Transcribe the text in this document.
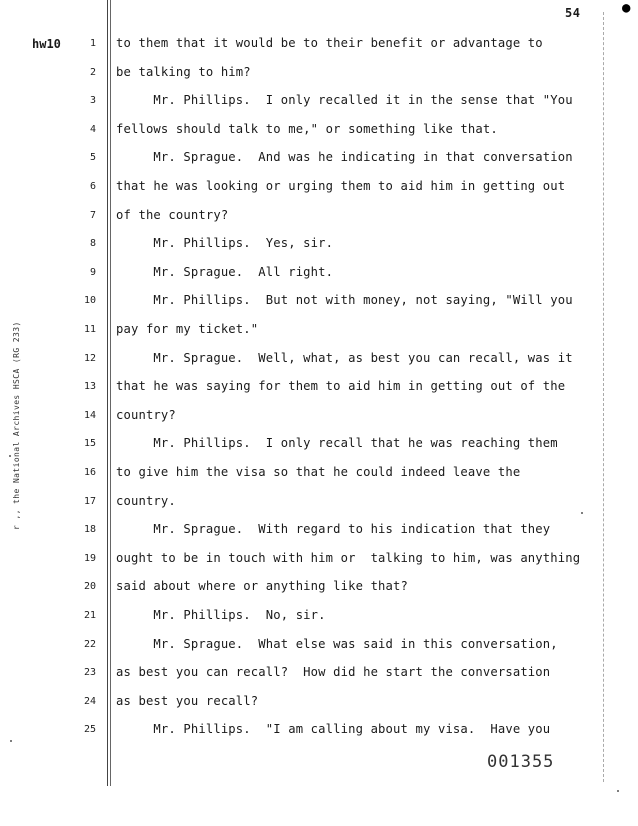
●
54
hw10
r ,, the National Archives HSCA (RG 233)
1 to them that it would be to their benefit or advantage to
2 be talking to him?
3 Mr. Phillips.  I only recalled it in the sense that "You
4 fellows should talk to me," or something like that.
5 Mr. Sprague.  And was he indicating in that conversation
6 that he was looking or urging them to aid him in getting out
7 of the country?
8 Mr. Phillips.  Yes, sir.
9 Mr. Sprague.  All right.
10 Mr. Phillips.  But not with money, not saying, "Will you
11 pay for my ticket."
12 Mr. Sprague.  Well, what, as best you can recall, was it
13 that he was saying for them to aid him in getting out of the
14 country?
15 Mr. Phillips.  I only recall that he was reaching them
16 to give him the visa so that he could indeed leave the
17 country.
18 Mr. Sprague.  With regard to his indication that they
19 ought to be in touch with him or  talking to him, was anything
20 said about where or anything like that?
21 Mr. Phillips.  No, sir.
22 Mr. Sprague.  What else was said in this conversation,
23 as best you can recall?  How did he start the conversation
24 as best you recall?
25 Mr. Phillips.  "I am calling about my visa.  Have you
001355
